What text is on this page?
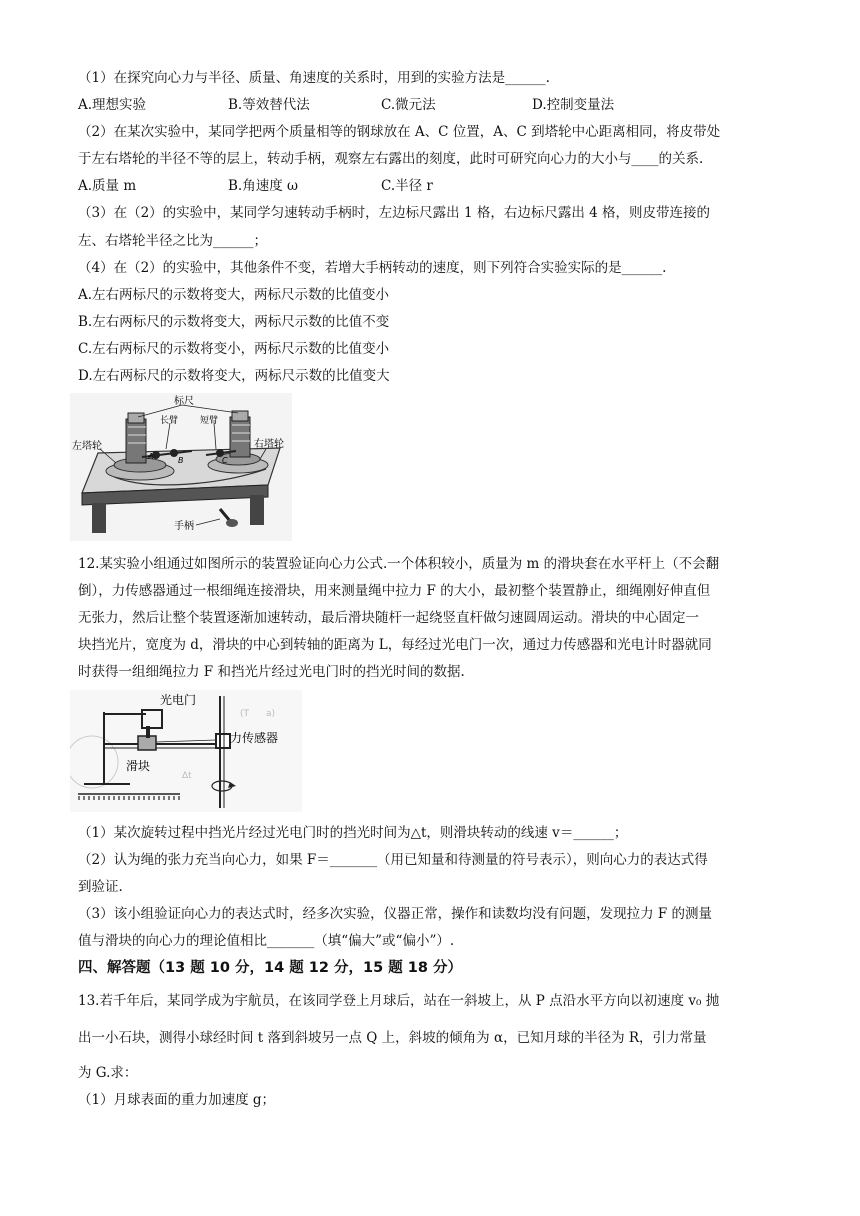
（1）在探究向心力与半径、质量、角速度的关系时，用到的实验方法是______.
A.理想实验	B.等效替代法	C.微元法	D.控制变量法
（2）在某次实验中，某同学把两个质量相等的钢球放在 A、C 位置，A、C 到塔轮中心距离相同，将皮带处
于左右塔轮的半径不等的层上，转动手柄，观察左右露出的刻度，此时可研究向心力的大小与____的关系.
A.质量 m	B.角速度 ω	C.半径 r
（3）在（2）的实验中，某同学匀速转动手柄时，左边标尺露出 1 格，右边标尺露出 4 格，则皮带连接的
左、右塔轮半径之比为______；
（4）在（2）的实验中，其他条件不变，若增大手柄转动的速度，则下列符合实验实际的是______.
A.左右两标尺的示数将变大，两标尺示数的比值变小
B.左右两标尺的示数将变大，两标尺示数的比值不变
C.左右两标尺的示数将变小，两标尺示数的比值变小
D.左右两标尺的示数将变大，两标尺示数的比值变大
标尺
长臂 短臂
左塔轮	右塔轮
手柄
A	B	C
12.某实验小组通过如图所示的装置验证向心力公式.一个体积较小，质量为 m 的滑块套在水平杆上（不会翻
倒），力传感器通过一根细绳连接滑块，用来测量绳中拉力 F 的大小，最初整个装置静止，细绳刚好伸直但
无张力，然后让整个装置逐渐加速转动，最后滑块随杆一起绕竖直杆做匀速圆周运动。滑块的中心固定一
块挡光片，宽度为 d，滑块的中心到转轴的距离为 L，每经过光电门一次，通过力传感器和光电计时器就同
时获得一组细绳拉力 F 和挡光片经过光电门时的挡光时间的数据.
(T a)
Δt
光电门
力传感器
滑块
（1）某次旋转过程中挡光片经过光电门时的挡光时间为△t，则滑块转动的线速 v＝______；
（2）认为绳的张力充当向心力，如果 F＝_______（用已知量和待测量的符号表示），则向心力的表达式得
到验证.
（3）该小组验证向心力的表达式时，经多次实验，仪器正常，操作和读数均没有问题，发现拉力 F 的测量
值与滑块的向心力的理论值相比_______（填“偏大”或“偏小”）.
四、解答题（13 题 10 分，14 题 12 分，15 题 18 分）
13.若千年后，某同学成为宇航员，在该同学登上月球后，站在一斜坡上，从 P 点沿水平方向以初速度 v₀ 抛
出一小石块，测得小球经时间 t 落到斜坡另一点 Q 上，斜坡的倾角为 α，已知月球的半径为 R，引力常量
为 G.求：
（1）月球表面的重力加速度 g；
